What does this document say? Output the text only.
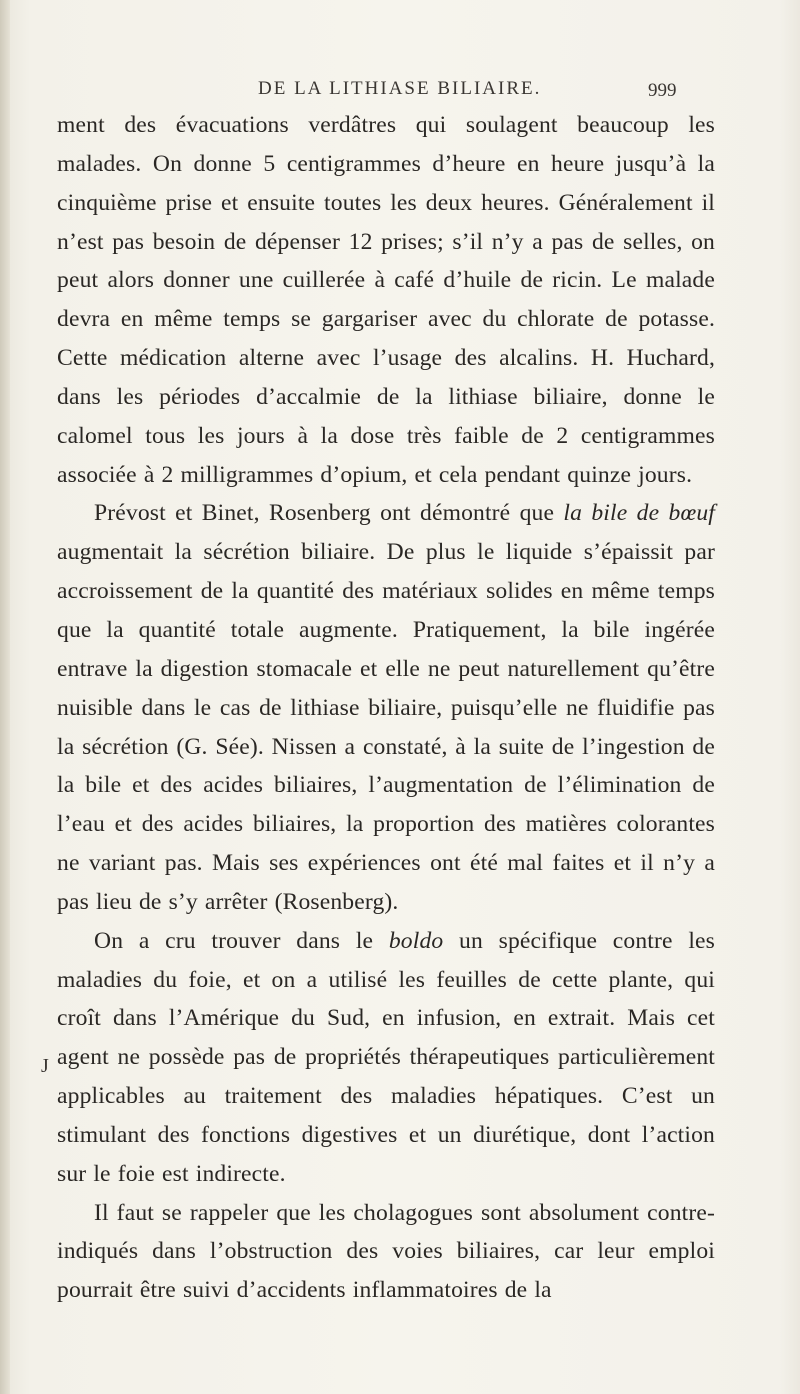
DE LA LITHIASE BILIAIRE.	999

ment des évacuations verdâtres qui soulagent beaucoup les malades. On donne 5 centigrammes d’heure en heure jusqu’à la cinquième prise et ensuite toutes les deux heures. Généralement il n’est pas besoin de dépenser 12 prises; s’il n’y a pas de selles, on peut alors donner une cuillerée à café d’huile de ricin. Le malade devra en même temps se gargariser avec du chlorate de potasse. Cette médication alterne avec l’usage des alcalins. H. Huchard, dans les périodes d’accalmie de la lithiase biliaire, donne le calomel tous les jours à la dose très faible de 2 centigrammes associée à 2 milligrammes d’opium, et cela pendant quinze jours.

Prévost et Binet, Rosenberg ont démontré que la bile de bœuf augmentait la sécrétion biliaire. De plus le liquide s’épaissit par accroissement de la quantité des matériaux solides en même temps que la quantité totale augmente. Pratiquement, la bile ingérée entrave la digestion stomacale et elle ne peut naturellement qu’être nuisible dans le cas de lithiase biliaire, puisqu’elle ne fluidifie pas la sécrétion (G. Sée). Nissen a constaté, à la suite de l’ingestion de la bile et des acides biliaires, l’augmentation de l’élimination de l’eau et des acides biliaires, la proportion des matières colorantes ne variant pas. Mais ses expériences ont été mal faites et il n’y a pas lieu de s’y arrêter (Rosenberg).

On a cru trouver dans le boldo un spécifique contre les maladies du foie, et on a utilisé les feuilles de cette plante, qui croît dans l’Amérique du Sud, en infusion, en extrait. Mais cet agent ne possède pas de propriétés thérapeutiques particulièrement applicables au traitement des maladies hépatiques. C’est un stimulant des fonctions digestives et un diurétique, dont l’action sur le foie est indirecte.

Il faut se rappeler que les cholagogues sont absolument contre-indiqués dans l’obstruction des voies biliaires, car leur emploi pourrait être suivi d’accidents inflammatoires de la

J
